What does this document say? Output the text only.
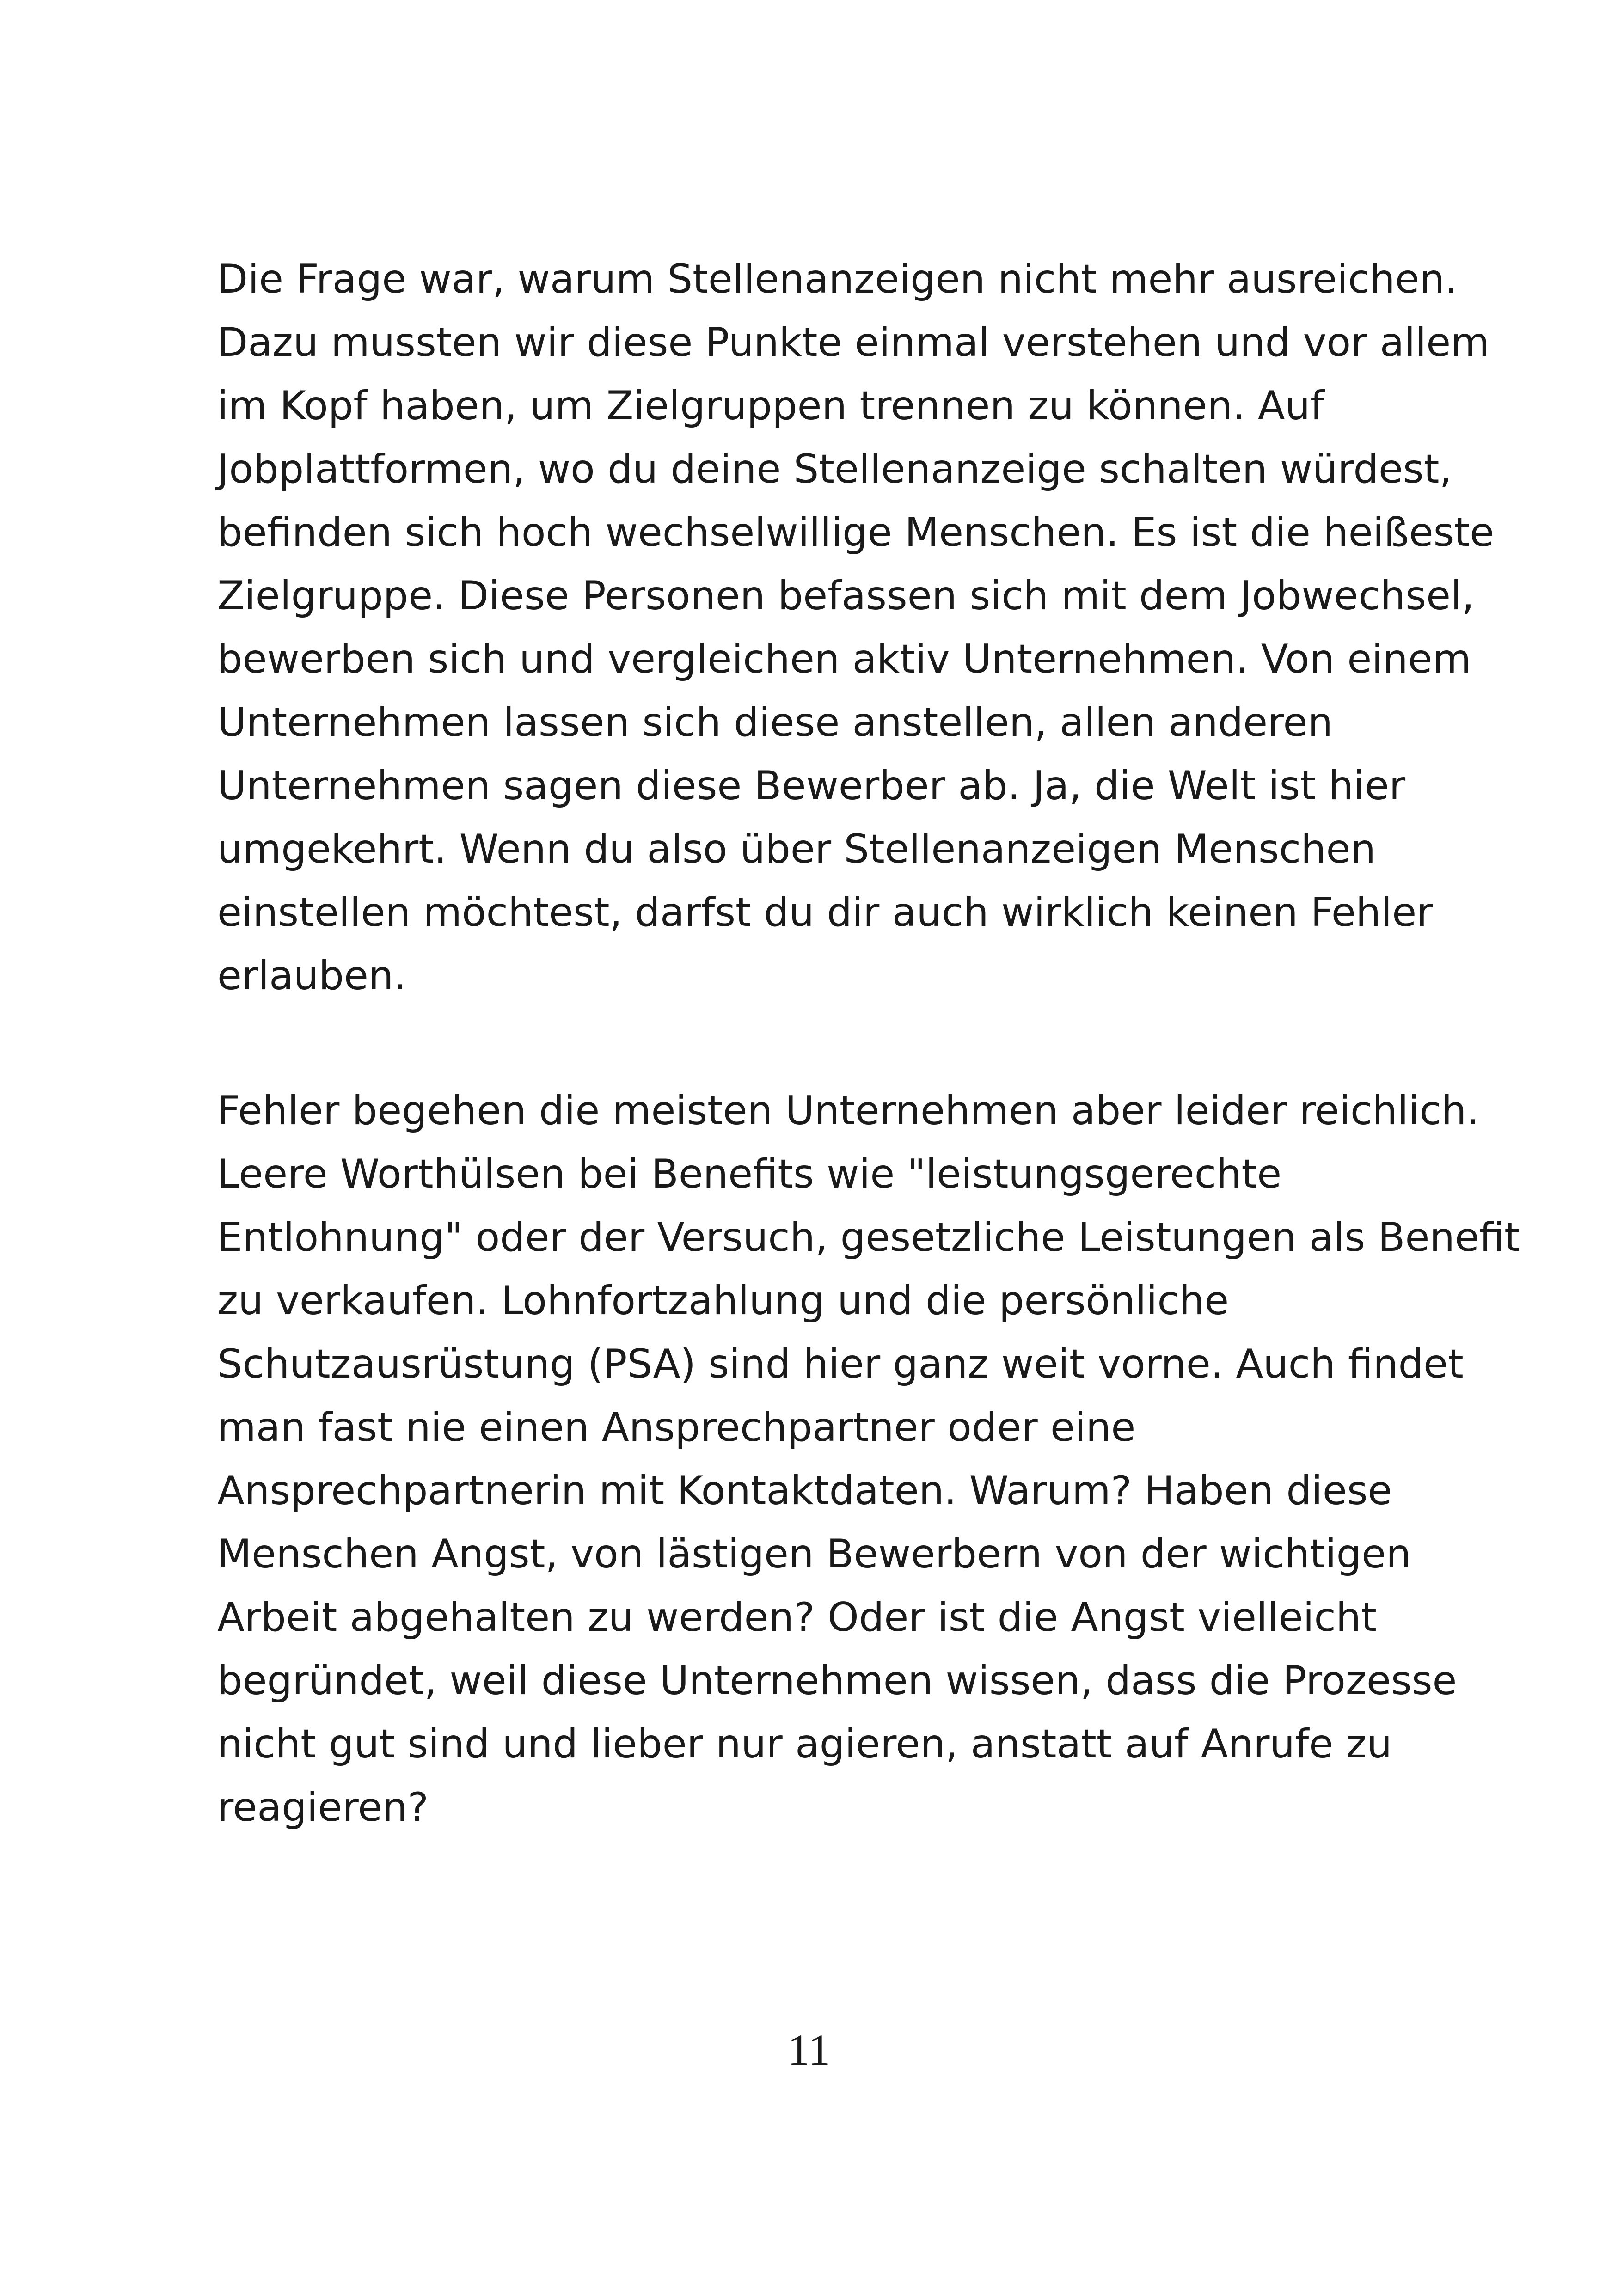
Die Frage war, warum Stellenanzeigen nicht mehr ausreichen.
Dazu mussten wir diese Punkte einmal verstehen und vor allem
im Kopf haben, um Zielgruppen trennen zu können. Auf
Jobplattformen, wo du deine Stellenanzeige schalten würdest,
befinden sich hoch wechselwillige Menschen. Es ist die heißeste
Zielgruppe. Diese Personen befassen sich mit dem Jobwechsel,
bewerben sich und vergleichen aktiv Unternehmen. Von einem
Unternehmen lassen sich diese anstellen, allen anderen
Unternehmen sagen diese Bewerber ab. Ja, die Welt ist hier
umgekehrt. Wenn du also über Stellenanzeigen Menschen
einstellen möchtest, darfst du dir auch wirklich keinen Fehler
erlauben.

Fehler begehen die meisten Unternehmen aber leider reichlich.
Leere Worthülsen bei Benefits wie "leistungsgerechte
Entlohnung" oder der Versuch, gesetzliche Leistungen als Benefit
zu verkaufen. Lohnfortzahlung und die persönliche
Schutzausrüstung (PSA) sind hier ganz weit vorne. Auch findet
man fast nie einen Ansprechpartner oder eine
Ansprechpartnerin mit Kontaktdaten. Warum? Haben diese
Menschen Angst, von lästigen Bewerbern von der wichtigen
Arbeit abgehalten zu werden? Oder ist die Angst vielleicht
begründet, weil diese Unternehmen wissen, dass die Prozesse
nicht gut sind und lieber nur agieren, anstatt auf Anrufe zu
reagieren?

11
